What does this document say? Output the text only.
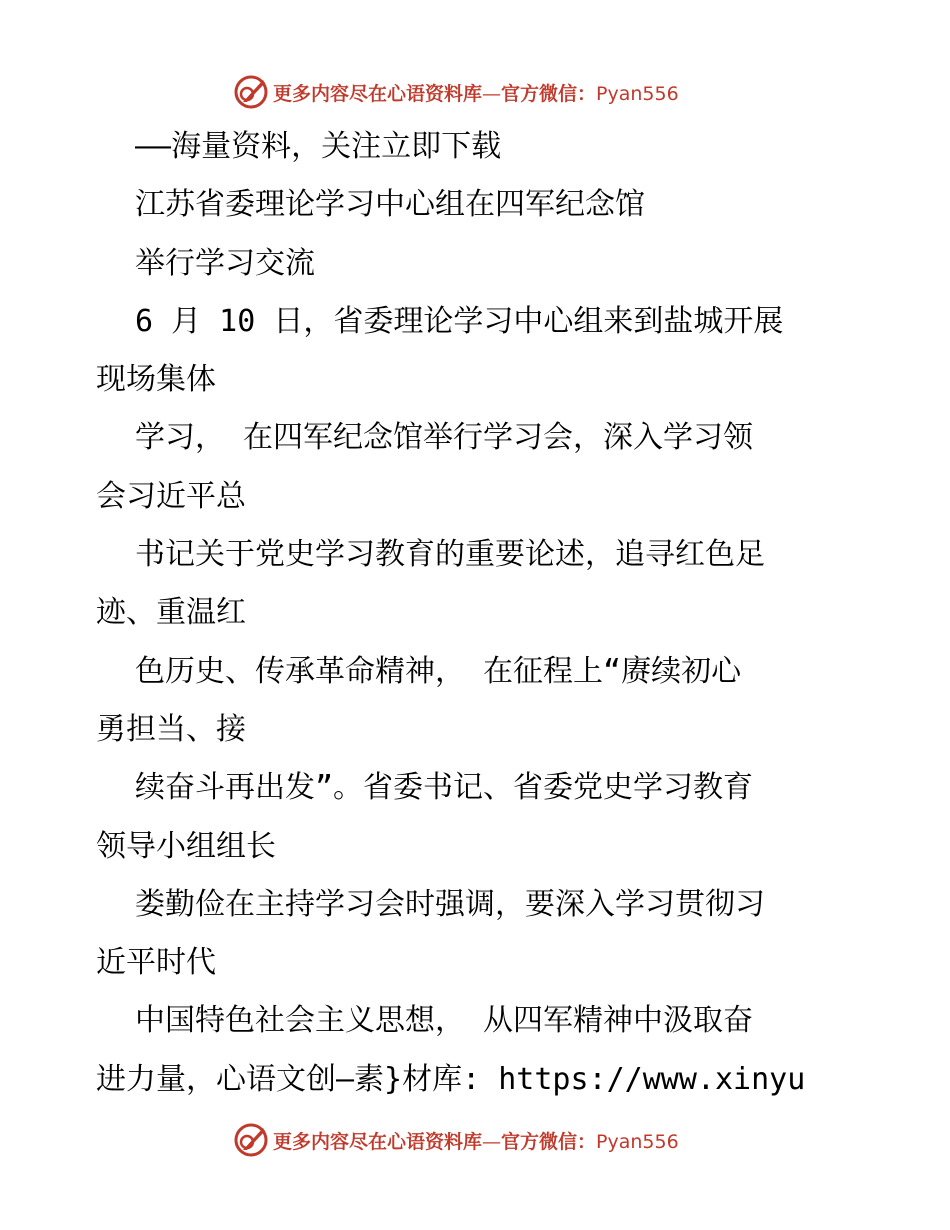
更多内容尽在心语资料库—官方微信：Pyan556
——海量资料，关注立即下载
江苏省委理论学习中心组在四军纪念馆
举行学习交流
6 月 10 日，省委理论学习中心组来到盐城开展
现场集体
学习， 在四军纪念馆举行学习会，深入学习领
会习近平总
书记关于党史学习教育的重要论述，追寻红色足
迹、重温红
色历史、传承革命精神， 在征程上“赓续初心
勇担当、接
续奋斗再出发”。省委书记、省委党史学习教育
领导小组组长
娄勤俭在主持学习会时强调，要深入学习贯彻习
近平时代
中国特色社会主义思想， 从四军精神中汲取奋
进力量，心语文创—素}材库: https://www.xinyu
更多内容尽在心语资料库—官方微信：Pyan556
